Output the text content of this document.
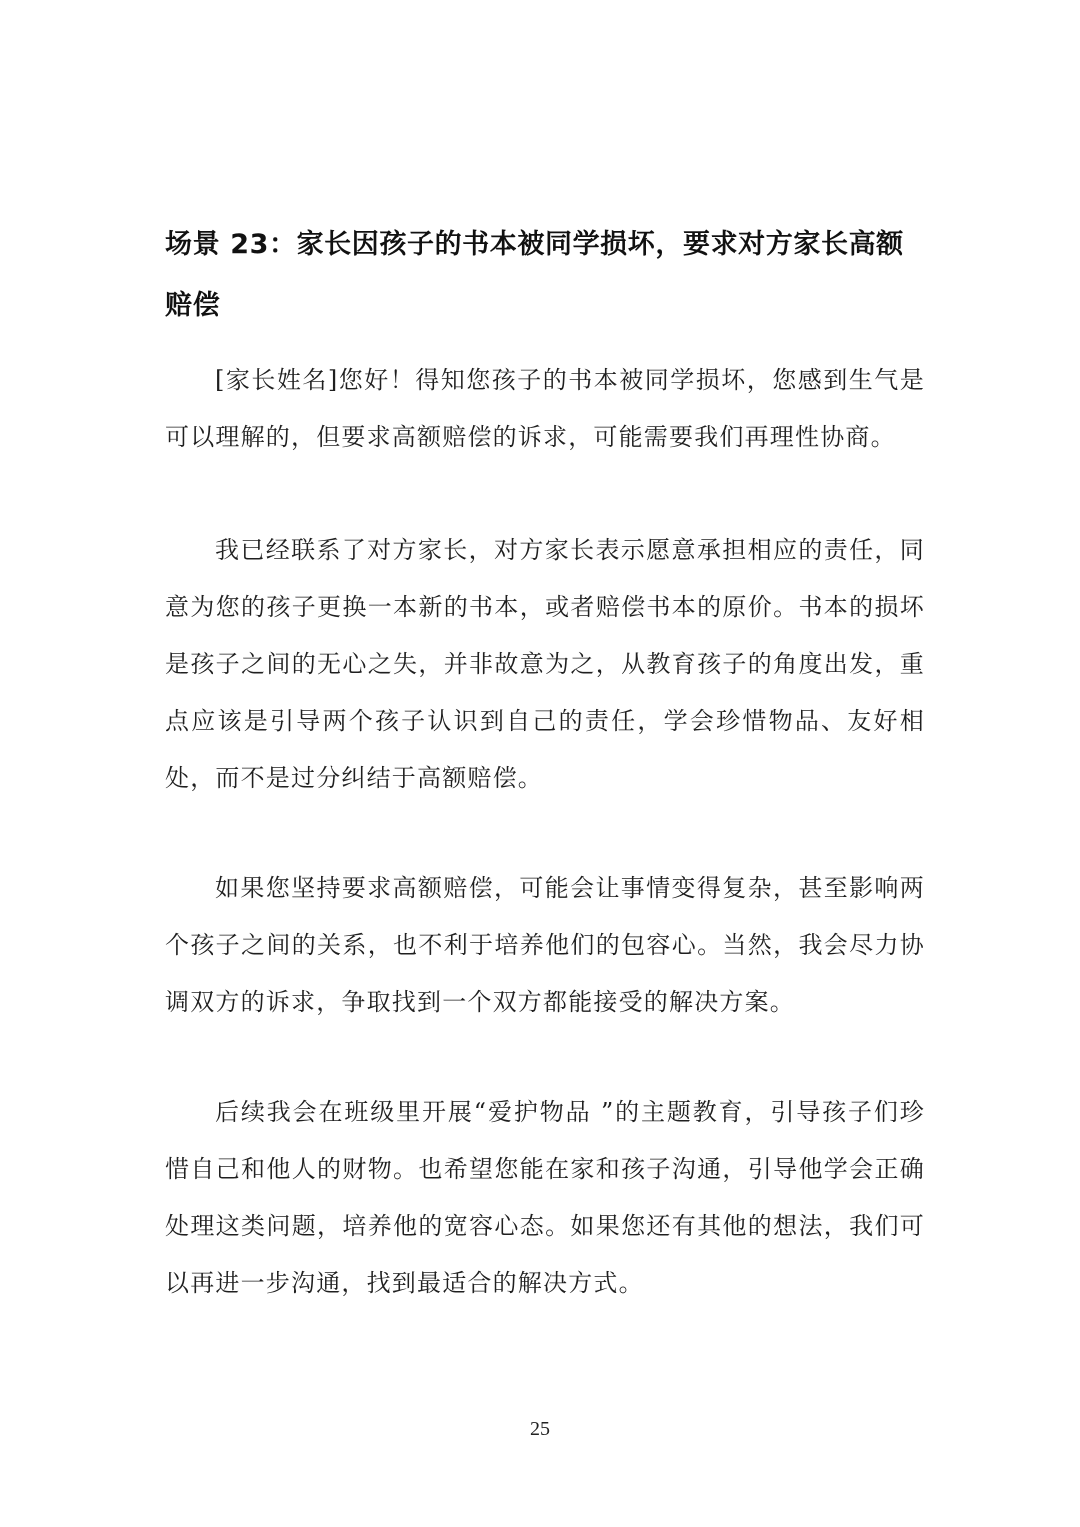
场景 23：家长因孩子的书本被同学损坏，要求对方家长高额赔偿

[家长姓名]您好！得知您孩子的书本被同学损坏，您感到生气是可以理解的，但要求高额赔偿的诉求，可能需要我们再理性协商。

我已经联系了对方家长，对方家长表示愿意承担相应的责任，同意为您的孩子更换一本新的书本，或者赔偿书本的原价。书本的损坏是孩子之间的无心之失，并非故意为之，从教育孩子的角度出发，重点应该是引导两个孩子认识到自己的责任，学会珍惜物品、友好相处，而不是过分纠结于高额赔偿。

如果您坚持要求高额赔偿，可能会让事情变得复杂，甚至影响两个孩子之间的关系，也不利于培养他们的包容心。当然，我会尽力协调双方的诉求，争取找到一个双方都能接受的解决方案。

后续我会在班级里开展“爱护物品 ”的主题教育，引导孩子们珍惜自己和他人的财物。也希望您能在家和孩子沟通，引导他学会正确处理这类问题，培养他的宽容心态。如果您还有其他的想法，我们可以再进一步沟通，找到最适合的解决方式。

25
